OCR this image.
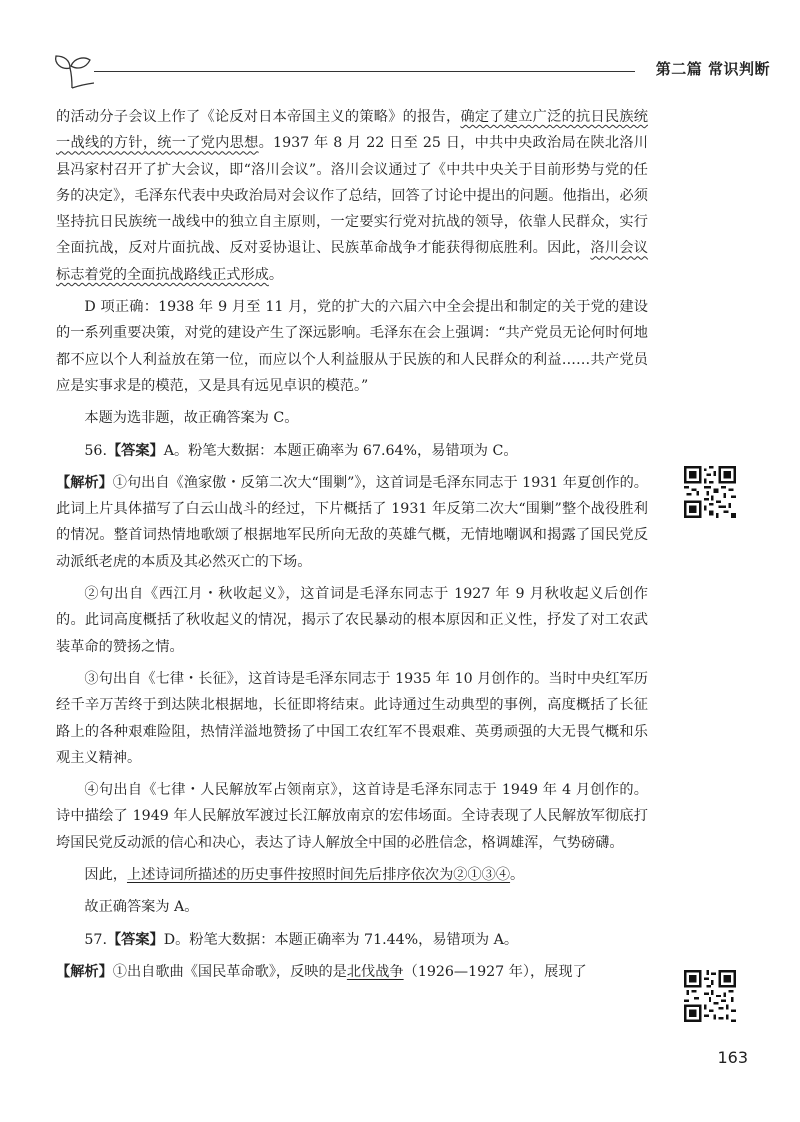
第二篇 常识判断

的活动分子会议上作了《论反对日本帝国主义的策略》的报告，确定了建立广泛的抗日民族统一战线的方针，统一了党内思想。1937 年 8 月 22 日至 25 日，中共中央政治局在陕北洛川县冯家村召开了扩大会议，即“洛川会议”。洛川会议通过了《中共中央关于目前形势与党的任务的决定》，毛泽东代表中央政治局对会议作了总结，回答了讨论中提出的问题。他指出，必须坚持抗日民族统一战线中的独立自主原则，一定要实行党对抗战的领导，依靠人民群众，实行全面抗战，反对片面抗战、反对妥协退让、民族革命战争才能获得彻底胜利。因此，洛川会议标志着党的全面抗战路线正式形成。

D 项正确：1938 年 9 月至 11 月，党的扩大的六届六中全会提出和制定的关于党的建设的一系列重要决策，对党的建设产生了深远影响。毛泽东在会上强调：“共产党员无论何时何地都不应以个人利益放在第一位，而应以个人利益服从于民族的和人民群众的利益……共产党员应是实事求是的模范，又是具有远见卓识的模范。”

本题为选非题，故正确答案为 C。

56.【答案】A。粉笔大数据：本题正确率为 67.64%，易错项为 C。

【解析】①句出自《渔家傲・反第二次大“围剿”》，这首词是毛泽东同志于 1931 年夏创作的。此词上片具体描写了白云山战斗的经过，下片概括了 1931 年反第二次大“围剿”整个战役胜利的情况。整首词热情地歌颂了根据地军民所向无敌的英雄气概，无情地嘲讽和揭露了国民党反动派纸老虎的本质及其必然灭亡的下场。

②句出自《西江月・秋收起义》，这首词是毛泽东同志于 1927 年 9 月秋收起义后创作的。此词高度概括了秋收起义的情况，揭示了农民暴动的根本原因和正义性，抒发了对工农武装革命的赞扬之情。

③句出自《七律・长征》，这首诗是毛泽东同志于 1935 年 10 月创作的。当时中央红军历经千辛万苦终于到达陕北根据地，长征即将结束。此诗通过生动典型的事例，高度概括了长征路上的各种艰难险阻，热情洋溢地赞扬了中国工农红军不畏艰难、英勇顽强的大无畏气概和乐观主义精神。

④句出自《七律・人民解放军占领南京》，这首诗是毛泽东同志于 1949 年 4 月创作的。诗中描绘了 1949 年人民解放军渡过长江解放南京的宏伟场面。全诗表现了人民解放军彻底打垮国民党反动派的信心和决心，表达了诗人解放全中国的必胜信念，格调雄浑，气势磅礴。

因此，上述诗词所描述的历史事件按照时间先后排序依次为②①③④。

故正确答案为 A。

57.【答案】D。粉笔大数据：本题正确率为 71.44%，易错项为 A。

【解析】①出自歌曲《国民革命歌》，反映的是北伐战争（1926—1927 年），展现了

163
